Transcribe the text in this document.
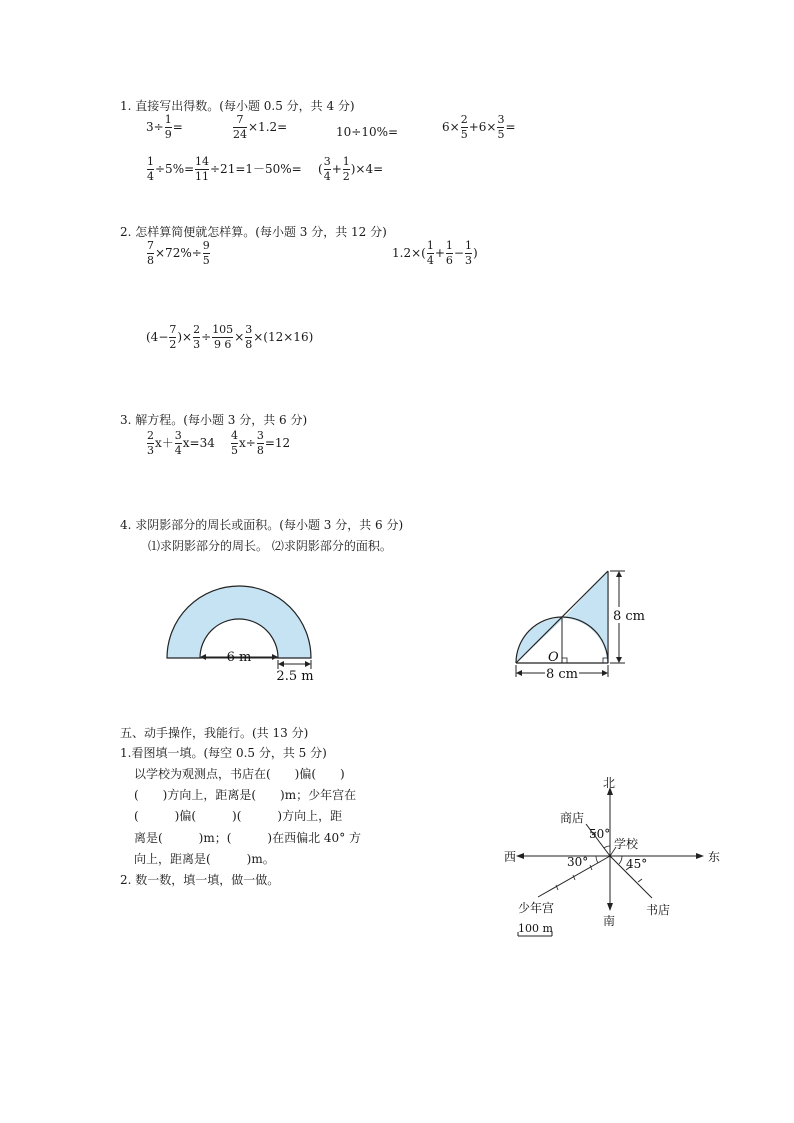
1. 直接写出得数。(每小题 0.5 分，共 4 分)
$3\div \frac{1}{9}$ =	$\frac{7}{24} \times 1.2=$	10÷10%=	$6\times \frac{2}{5} +6\times \frac{3}{5}$ =
$\frac{1}{4} \div 5\%= \frac{14}{11} \div 21=1-50\%=$ ( $\frac{3}{4} + \frac{1}{2} )\times 4=$
2. 怎样算简便就怎样算。(每小题 3 分，共 12 分)
$\frac{7}{8} \times 72\%\div \frac{9}{5}$	$1.2\times( \frac{1}{4} + \frac{1}{6} - \frac{1}{3}$ )
($4- \frac{7}{2}$ )× $\frac{2}{3} \div \frac{105}{9 6} \times \frac{3}{8} \times(12\times 16)$
3. 解方程。(每小题 3 分，共 6 分)
$\frac{2}{3} x+ \frac{3}{4} x=34 \frac{4}{5} x\div \frac{3}{8} =12$
4. 求阴影部分的周长或面积。(每小题 3 分，共 6 分)
⑴求阴影部分的周长。 ⑵求阴影部分的面积。
6 m
2.5 m
O
8 cm
8 cm
五、动手操作，我能行。(共 13 分)
1.看图填一填。(每空 0.5 分，共 5 分)
以学校为观测点，书店在(　　)偏(　　)
(　　)方向上，距离是(　　)m；少年宫在
(　　　)偏(　　　)(　　　)方向上，距
离是(　　　)m；(　　　)在西偏北 40° 方
向上，距离是(　　　)m。
2. 数一数，填一填，做一做。
北
南
西	东
商店
50°
学校
少年宫
30°
书店
45°
100 m
